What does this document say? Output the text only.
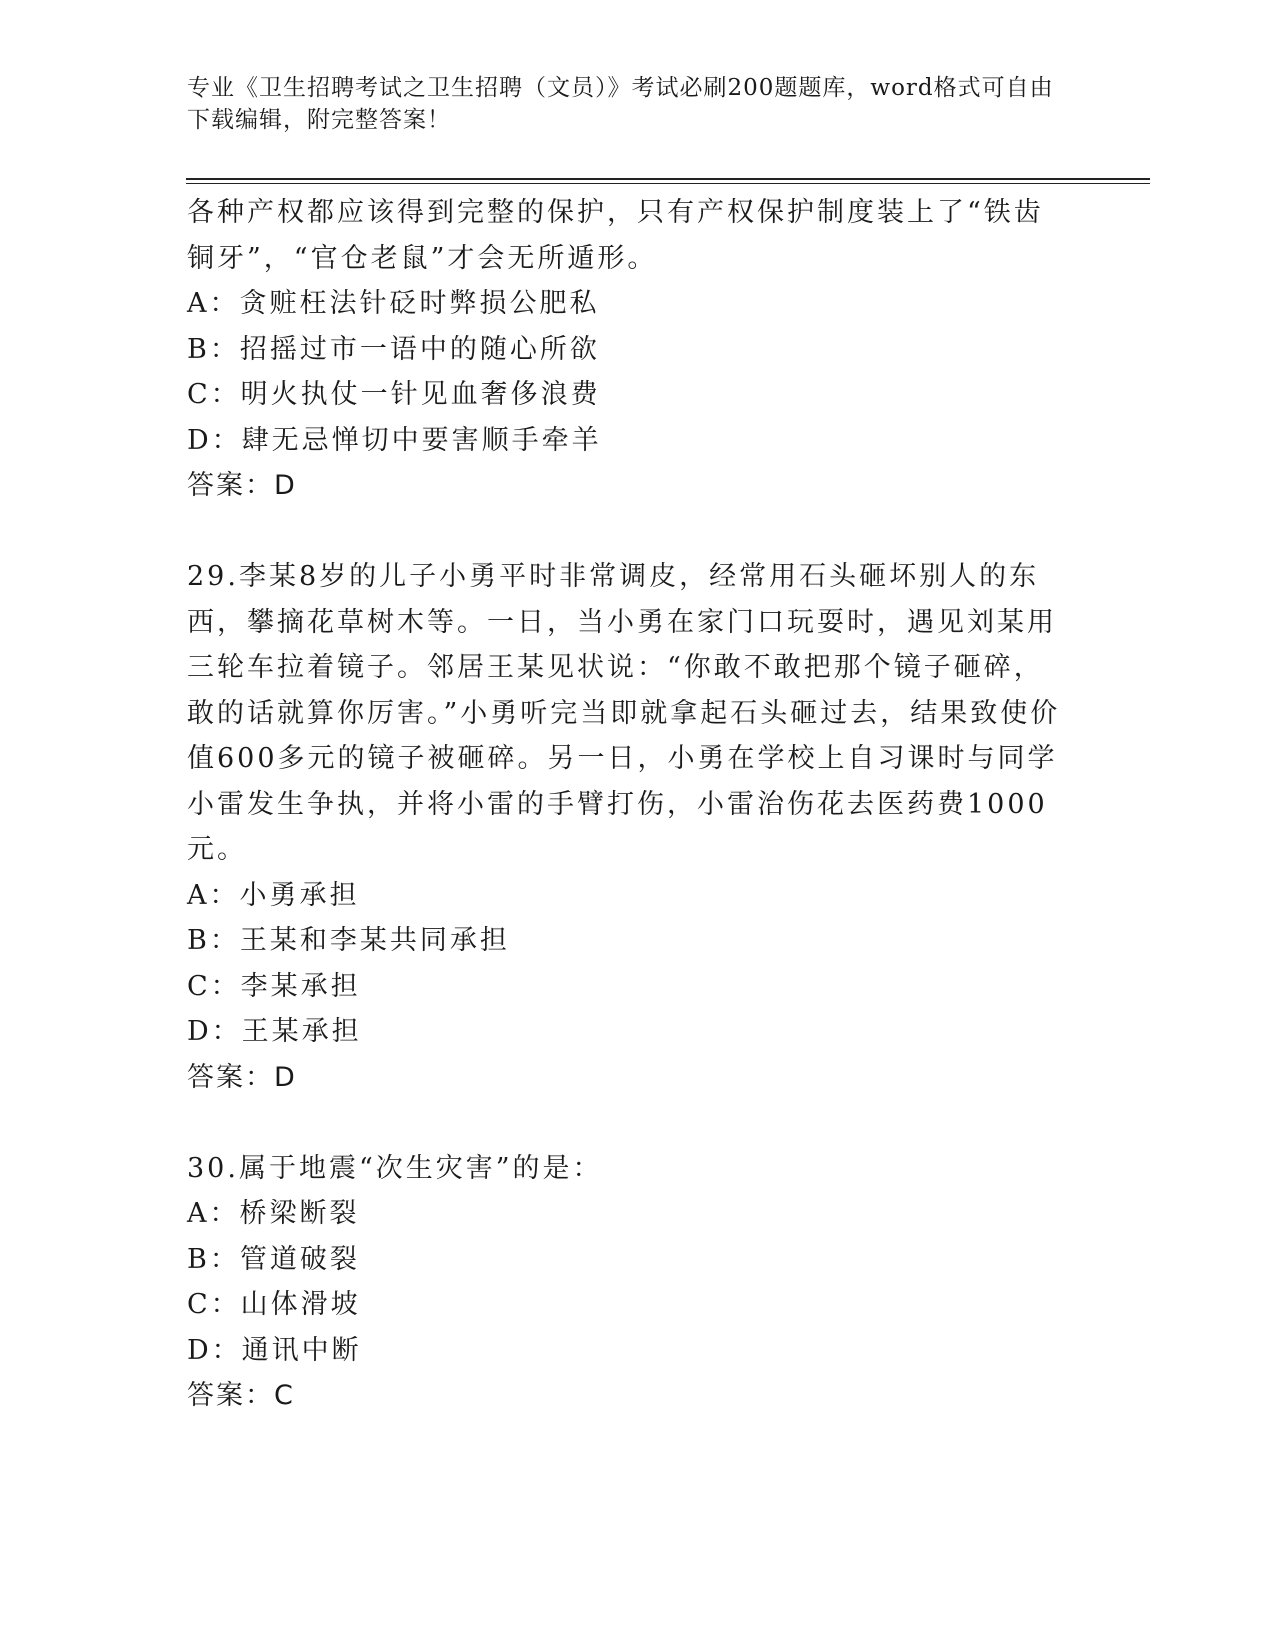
专业《卫生招聘考试之卫生招聘（文员）》考试必刷200题题库，word格式可自由下载编辑，附完整答案！

各种产权都应该得到完整的保护，只有产权保护制度装上了“铁齿铜牙”，“官仓老鼠”才会无所遁形。

A：贪赃枉法针砭时弊损公肥私
B：招摇过市一语中的随心所欲
C：明火执仗一针见血奢侈浪费
D：肆无忌惮切中要害顺手牵羊
答案：D

29.李某8岁的儿子小勇平时非常调皮，经常用石头砸坏别人的东西，攀摘花草树木等。一日，当小勇在家门口玩耍时，遇见刘某用三轮车拉着镜子。邻居王某见状说：“你敢不敢把那个镜子砸碎，敢的话就算你厉害。”小勇听完当即就拿起石头砸过去，结果致使价值600多元的镜子被砸碎。另一日，小勇在学校上自习课时与同学小雷发生争执，并将小雷的手臂打伤，小雷治伤花去医药费1000元。

A：小勇承担
B：王某和李某共同承担
C：李某承担
D：王某承担
答案：D

30.属于地震“次生灾害”的是：

A：桥梁断裂
B：管道破裂
C：山体滑坡
D：通讯中断
答案：C
